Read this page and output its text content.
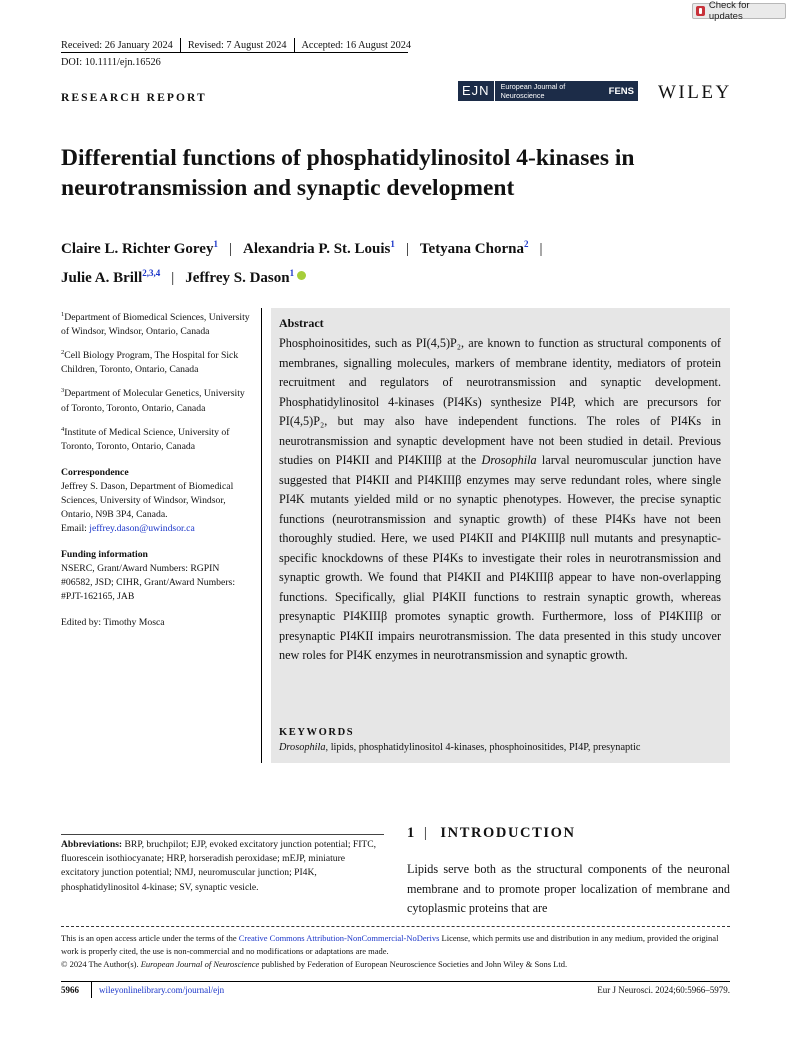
Check for updates
Received: 26 January 2024 Revised: 7 August 2024 Accepted: 16 August 2024
DOI: 10.1111/ejn.16526
RESEARCH REPORT	EJN	European Journal of Neuroscience	FENS WILEY
Differential functions of phosphatidylinositol 4-kinases in neurotransmission and synaptic development
Claire L. Richter Gorey$^1$ | Alexandria P. St. Louis$^1$ | Tetyana Chorna$^2$ |
Julie A. Brill$^{2,3,4}$ | Jeffrey S. Dason$^1$
$^1$Department of Biomedical Sciences, University of Windsor, Windsor, Ontario, Canada
$^2$Cell Biology Program, The Hospital for Sick Children, Toronto, Ontario, Canada
$^3$Department of Molecular Genetics, University of Toronto, Toronto, Ontario, Canada
$^4$Institute of Medical Science, University of Toronto, Toronto, Ontario, Canada
Correspondence
Jeffrey S. Dason, Department of Biomedical Sciences, University of Windsor, Windsor, Ontario, N9B 3P4, Canada.
Email: jeffrey.dason@uwindsor.ca
Funding information
NSERC, Grant/Award Numbers: RGPIN #06582, JSD; CIHR, Grant/Award Numbers: #PJT-162165, JAB
Edited by: Timothy Mosca
Abstract
Phosphoinositides, such as PI(4,5)P₂, are known to function as structural components of membranes, signalling molecules, markers of membrane identity, mediators of protein recruitment and regulators of neurotransmission and synaptic development. Phosphatidylinositol 4-kinases (PI4Ks) synthesize PI4P, which are precursors for PI(4,5)P₂, but may also have independent functions. The roles of PI4Ks in neurotransmission and synaptic development have not been studied in detail. Previous studies on PI4KII and PI4KIIIβ at the Drosophila larval neuromuscular junction have suggested that PI4KII and PI4KIIIβ enzymes may serve redundant roles, where single PI4K mutants yielded mild or no synaptic phenotypes. However, the precise synaptic functions (neurotransmission and synaptic growth) of these PI4Ks have not been thoroughly studied. Here, we used PI4KII and PI4KIIIβ null mutants and presynaptic-specific knockdowns of these PI4Ks to investigate their roles in neurotransmission and synaptic growth. We found that PI4KII and PI4KIIIβ appear to have non-overlapping functions. Specifically, glial PI4KII functions to restrain synaptic growth, whereas presynaptic PI4KIIIβ promotes synaptic growth. Furthermore, loss of PI4KIIIβ or presynaptic PI4KII impairs neurotransmission. The data presented in this study uncover new roles for PI4K enzymes in neurotransmission and synaptic growth.
KEYWORDS
Drosophila, lipids, phosphatidylinositol 4-kinases, phosphoinositides, PI4P, presynaptic
Abbreviations: BRP, bruchpilot; EJP, evoked excitatory junction potential; FITC, fluorescein isothiocyanate; HRP, horseradish peroxidase; mEJP, miniature excitatory junction potential; NMJ, neuromuscular junction; PI4K, phosphatidylinositol 4-kinase; SV, synaptic vesicle.
1 | INTRODUCTION
Lipids serve both as the structural components of the neuronal membrane and to promote proper localization of membrane and cytoplasmic proteins that are
This is an open access article under the terms of the Creative Commons Attribution-NonCommercial-NoDerivs License, which permits use and distribution in any medium, provided the original work is properly cited, the use is non-commercial and no modifications or adaptations are made.
© 2024 The Author(s). European Journal of Neuroscience published by Federation of European Neuroscience Societies and John Wiley & Sons Ltd.
5966 wileyonlinelibrary.com/journal/ejn	Eur J Neurosci. 2024;60:5966–5979.
